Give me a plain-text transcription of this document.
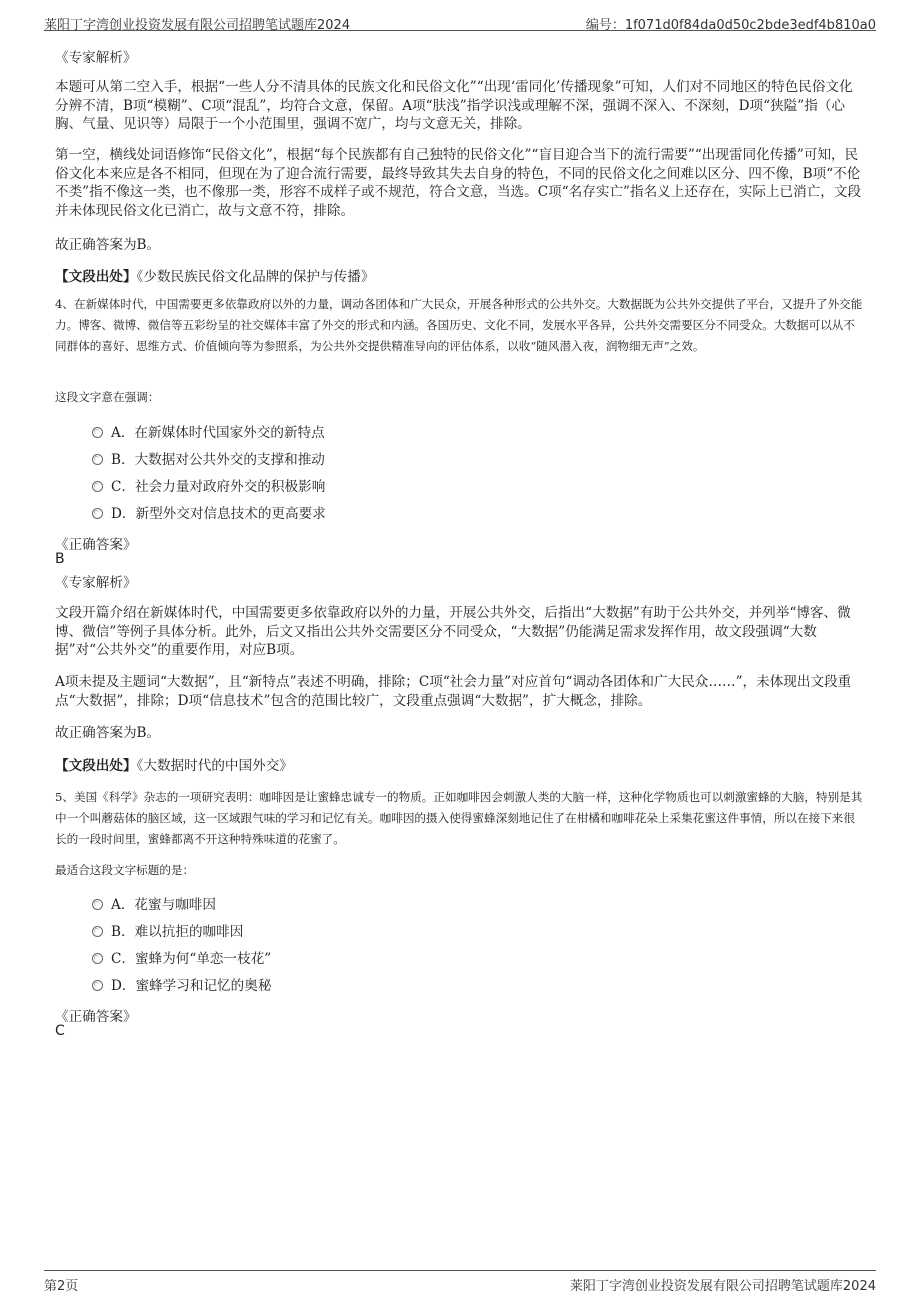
莱阳丁字湾创业投资发展有限公司招聘笔试题库2024	编号：1f071d0f84da0d50c2bde3edf4b810a0
《专家解析》
本题可从第二空入手，根据“一些人分不清具体的民族文化和民俗文化”“出现‘雷同化’传播现象”可知，人们对不同地区的特色民俗文化分辨不清，B项“模糊”、C项“混乱”，均符合文意，保留。A项“肤浅”指学识浅或理解不深，强调不深入、不深刻，D项“狭隘”指（心胸、气量、见识等）局限于一个小范围里，强调不宽广，均与文意无关，排除。
第一空，横线处词语修饰“民俗文化”，根据“每个民族都有自己独特的民俗文化”“盲目迎合当下的流行需要”“出现雷同化传播”可知，民俗文化本来应是各不相同，但现在为了迎合流行需要，最终导致其失去自身的特色，不同的民俗文化之间难以区分、四不像，B项“不伦不类”指不像这一类，也不像那一类，形容不成样子或不规范，符合文意，当选。C项“名存实亡”指名义上还存在，实际上已消亡，文段并未体现民俗文化已消亡，故与文意不符，排除。
故正确答案为B。
【文段出处】《少数民族民俗文化品牌的保护与传播》
4、在新媒体时代，中国需要更多依靠政府以外的力量，调动各团体和广大民众，开展各种形式的公共外交。大数据既为公共外交提供了平台，又提升了外交能力。博客、微博、微信等五彩纷呈的社交媒体丰富了外交的形式和内涵。各国历史、文化不同，发展水平各异，公共外交需要区分不同受众。大数据可以从不同群体的喜好、思维方式、价值倾向等为参照系，为公共外交提供精准导向的评估体系，以收“随风潜入夜，润物细无声”之效。
这段文字意在强调：
A．在新媒体时代国家外交的新特点
B．大数据对公共外交的支撑和推动
C．社会力量对政府外交的积极影响
D．新型外交对信息技术的更高要求
《正确答案》
B
《专家解析》
文段开篇介绍在新媒体时代，中国需要更多依靠政府以外的力量，开展公共外交，后指出“大数据”有助于公共外交，并列举“博客、微博、微信”等例子具体分析。此外，后文又指出公共外交需要区分不同受众，“大数据”仍能满足需求发挥作用，故文段强调“大数据”对“公共外交”的重要作用，对应B项。
A项未提及主题词“大数据”，且“新特点”表述不明确，排除；C项“社会力量”对应首句“调动各团体和广大民众……”，未体现出文段重点“大数据”，排除；D项“信息技术”包含的范围比较广，文段重点强调“大数据”，扩大概念，排除。
故正确答案为B。
【文段出处】《大数据时代的中国外交》
5、美国《科学》杂志的一项研究表明：咖啡因是让蜜蜂忠诚专一的物质。正如咖啡因会刺激人类的大脑一样，这种化学物质也可以刺激蜜蜂的大脑，特别是其中一个叫蘑菇体的脑区域，这一区域跟气味的学习和记忆有关。咖啡因的摄入使得蜜蜂深刻地记住了在柑橘和咖啡花朵上采集花蜜这件事情，所以在接下来很长的一段时间里，蜜蜂都离不开这种特殊味道的花蜜了。
最适合这段文字标题的是：
A．花蜜与咖啡因
B．难以抗拒的咖啡因
C．蜜蜂为何“单恋一枝花”
D．蜜蜂学习和记忆的奥秘
《正确答案》
C
第2页	莱阳丁字湾创业投资发展有限公司招聘笔试题库2024
